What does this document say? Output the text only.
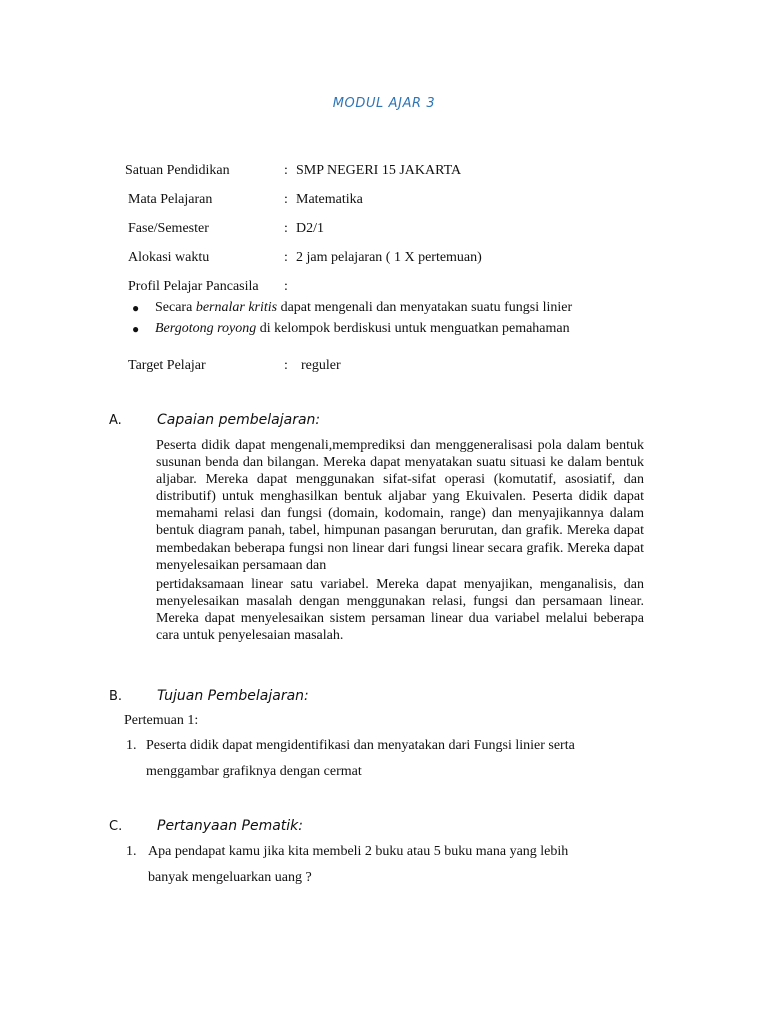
MODUL AJAR 3
Satuan Pendidikan	: SMP NEGERI 15 JAKARTA
Mata Pelajaran	: Matematika
Fase/Semester	: D2/1
Alokasi waktu	: 2 jam pelajaran ( 1 X pertemuan)
Profil Pelajar Pancasila :
● Secara bernalar kritis dapat mengenali dan menyatakan suatu fungsi linier
● Bergotong royong di kelompok berdiskusi untuk menguatkan pemahaman
Target Pelajar	: reguler
A.	Capaian pembelajaran:

Peserta didik dapat mengenali,memprediksi dan menggeneralisasi pola dalam bentuk susunan benda dan bilangan. Mereka dapat menyatakan suatu situasi ke dalam bentuk aljabar. Mereka dapat menggunakan sifat-sifat operasi (komutatif, asosiatif, dan distributif) untuk menghasilkan bentuk aljabar yang Ekuivalen. Peserta didik dapat memahami relasi dan fungsi (domain, kodomain, range) dan menyajikannya dalam bentuk diagram panah, tabel, himpunan pasangan berurutan, dan grafik. Mereka dapat membedakan beberapa fungsi non linear dari fungsi linear secara grafik. Mereka dapat menyelesaikan persamaan dan

pertidaksamaan linear satu variabel. Mereka dapat menyajikan, menganalisis, dan menyelesaikan masalah dengan menggunakan relasi, fungsi dan persamaan linear. Mereka dapat menyelesaikan sistem persaman linear dua variabel melalui beberapa cara untuk penyelesaian masalah.

B. Tujuan Pembelajaran:
Pertemuan 1:
1. Peserta didik dapat mengidentifikasi dan menyatakan dari Fungsi linier serta
menggambar grafiknya dengan cermat
C. Pertanyaan Pematik:
1. Apa pendapat kamu jika kita membeli 2 buku atau 5 buku mana yang lebih
banyak mengeluarkan uang ?
